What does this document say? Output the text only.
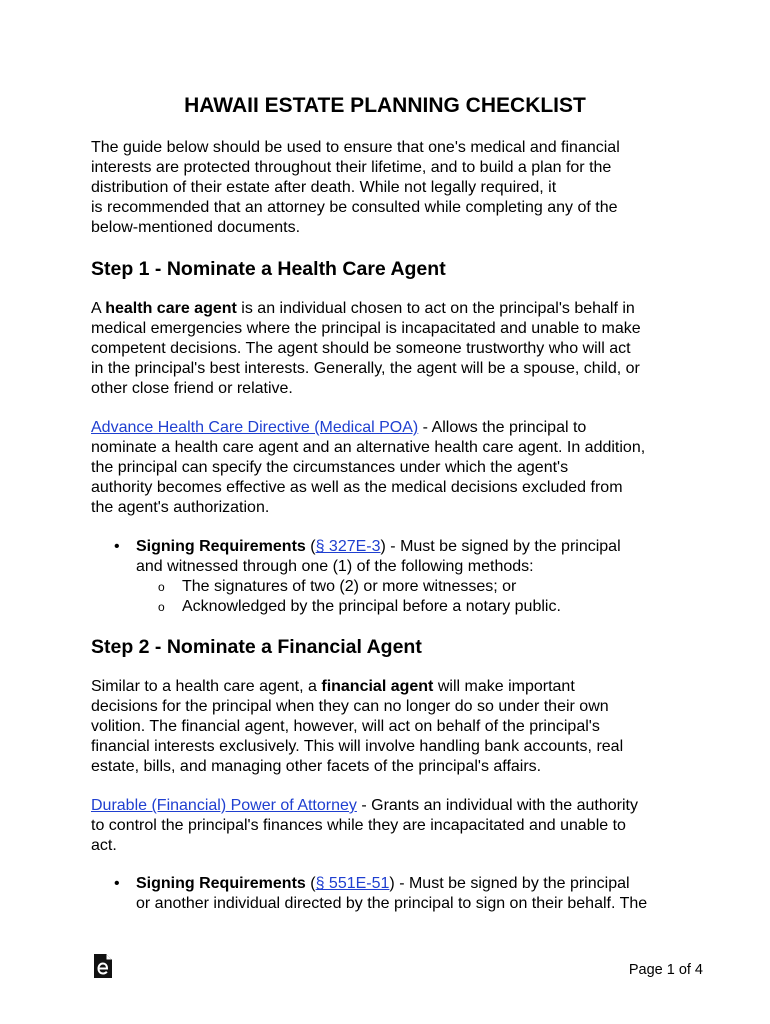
HAWAII ESTATE PLANNING CHECKLIST

The guide below should be used to ensure that one's medical and financial

interests are protected throughout their lifetime, and to build a plan for the

distribution of their estate after death. While not legally required, it

is recommended that an attorney be consulted while completing any of the

below-mentioned documents.

Step 1 - Nominate a Health Care Agent

A health care agent is an individual chosen to act on the principal's behalf in

medical emergencies where the principal is incapacitated and unable to make

competent decisions. The agent should be someone trustworthy who will act

in the principal's best interests. Generally, the agent will be a spouse, child, or

other close friend or relative.

Advance Health Care Directive (Medical POA) - Allows the principal to

nominate a health care agent and an alternative health care agent. In addition,

the principal can specify the circumstances under which the agent's

authority becomes effective as well as the medical decisions excluded from

the agent's authorization.

• Signing Requirements (§ 327E-3) - Must be signed by the principal

and witnessed through one (1) of the following methods:

o The signatures of two (2) or more witnesses; or

o Acknowledged by the principal before a notary public.

Step 2 - Nominate a Financial Agent

Similar to a health care agent, a financial agent will make important

decisions for the principal when they can no longer do so under their own

volition. The financial agent, however, will act on behalf of the principal's

financial interests exclusively. This will involve handling bank accounts, real

estate, bills, and managing other facets of the principal's affairs.

Durable (Financial) Power of Attorney - Grants an individual with the authority

to control the principal's finances while they are incapacitated and unable to

act.

• Signing Requirements (§ 551E-51) - Must be signed by the principal

or another individual directed by the principal to sign on their behalf. The

Page 1 of 4
